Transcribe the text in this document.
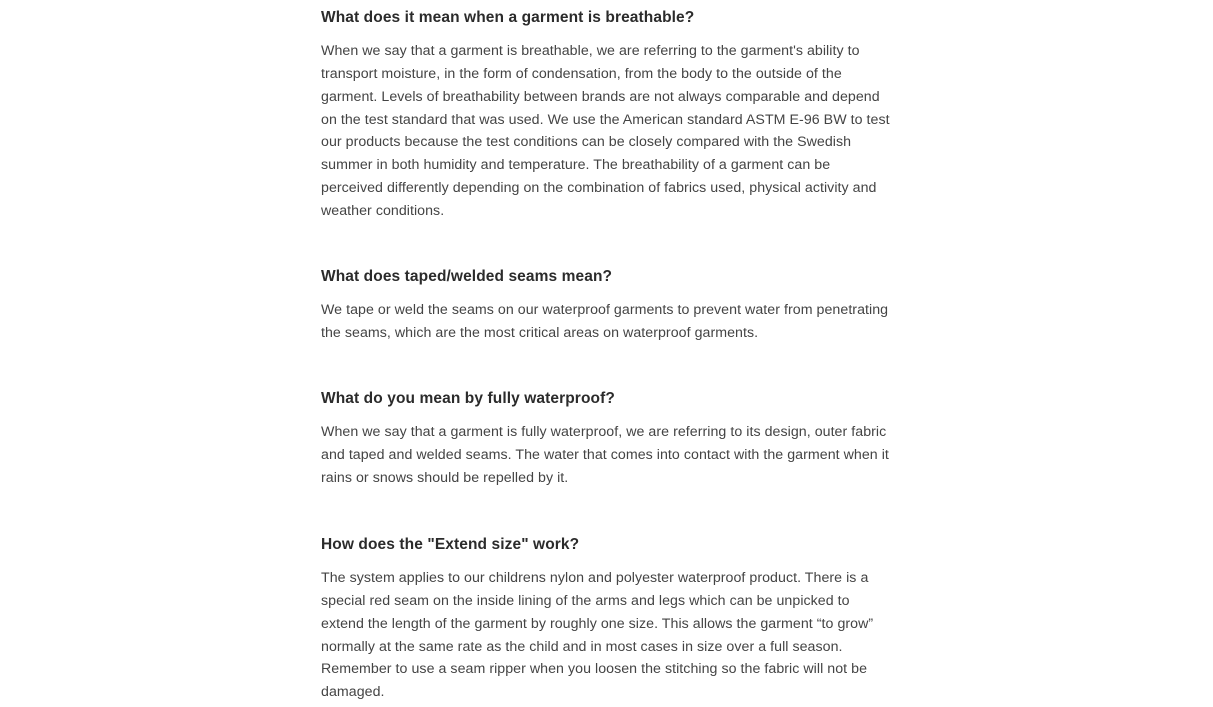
What does it mean when a garment is breathable?

When we say that a garment is breathable, we are referring to the garment's ability to transport moisture, in the form of condensation, from the body to the outside of the garment. Levels of breathability between brands are not always comparable and depend on the test standard that was used. We use the American standard ASTM E-96 BW to test our products because the test conditions can be closely compared with the Swedish summer in both humidity and temperature. The breathability of a garment can be perceived differently depending on the combination of fabrics used, physical activity and weather conditions.

What does taped/welded seams mean?

We tape or weld the seams on our waterproof garments to prevent water from penetrating the seams, which are the most critical areas on waterproof garments.

What do you mean by fully waterproof?

When we say that a garment is fully waterproof, we are referring to its design, outer fabric and taped and welded seams. The water that comes into contact with the garment when it rains or snows should be repelled by it.

How does the "Extend size" work?

The system applies to our childrens nylon and polyester waterproof product. There is a special red seam on the inside lining of the arms and legs which can be unpicked to extend the length of the garment by roughly one size. This allows the garment “to grow” normally at the same rate as the child and in most cases in size over a full season. Remember to use a seam ripper when you loosen the stitching so the fabric will not be damaged.
